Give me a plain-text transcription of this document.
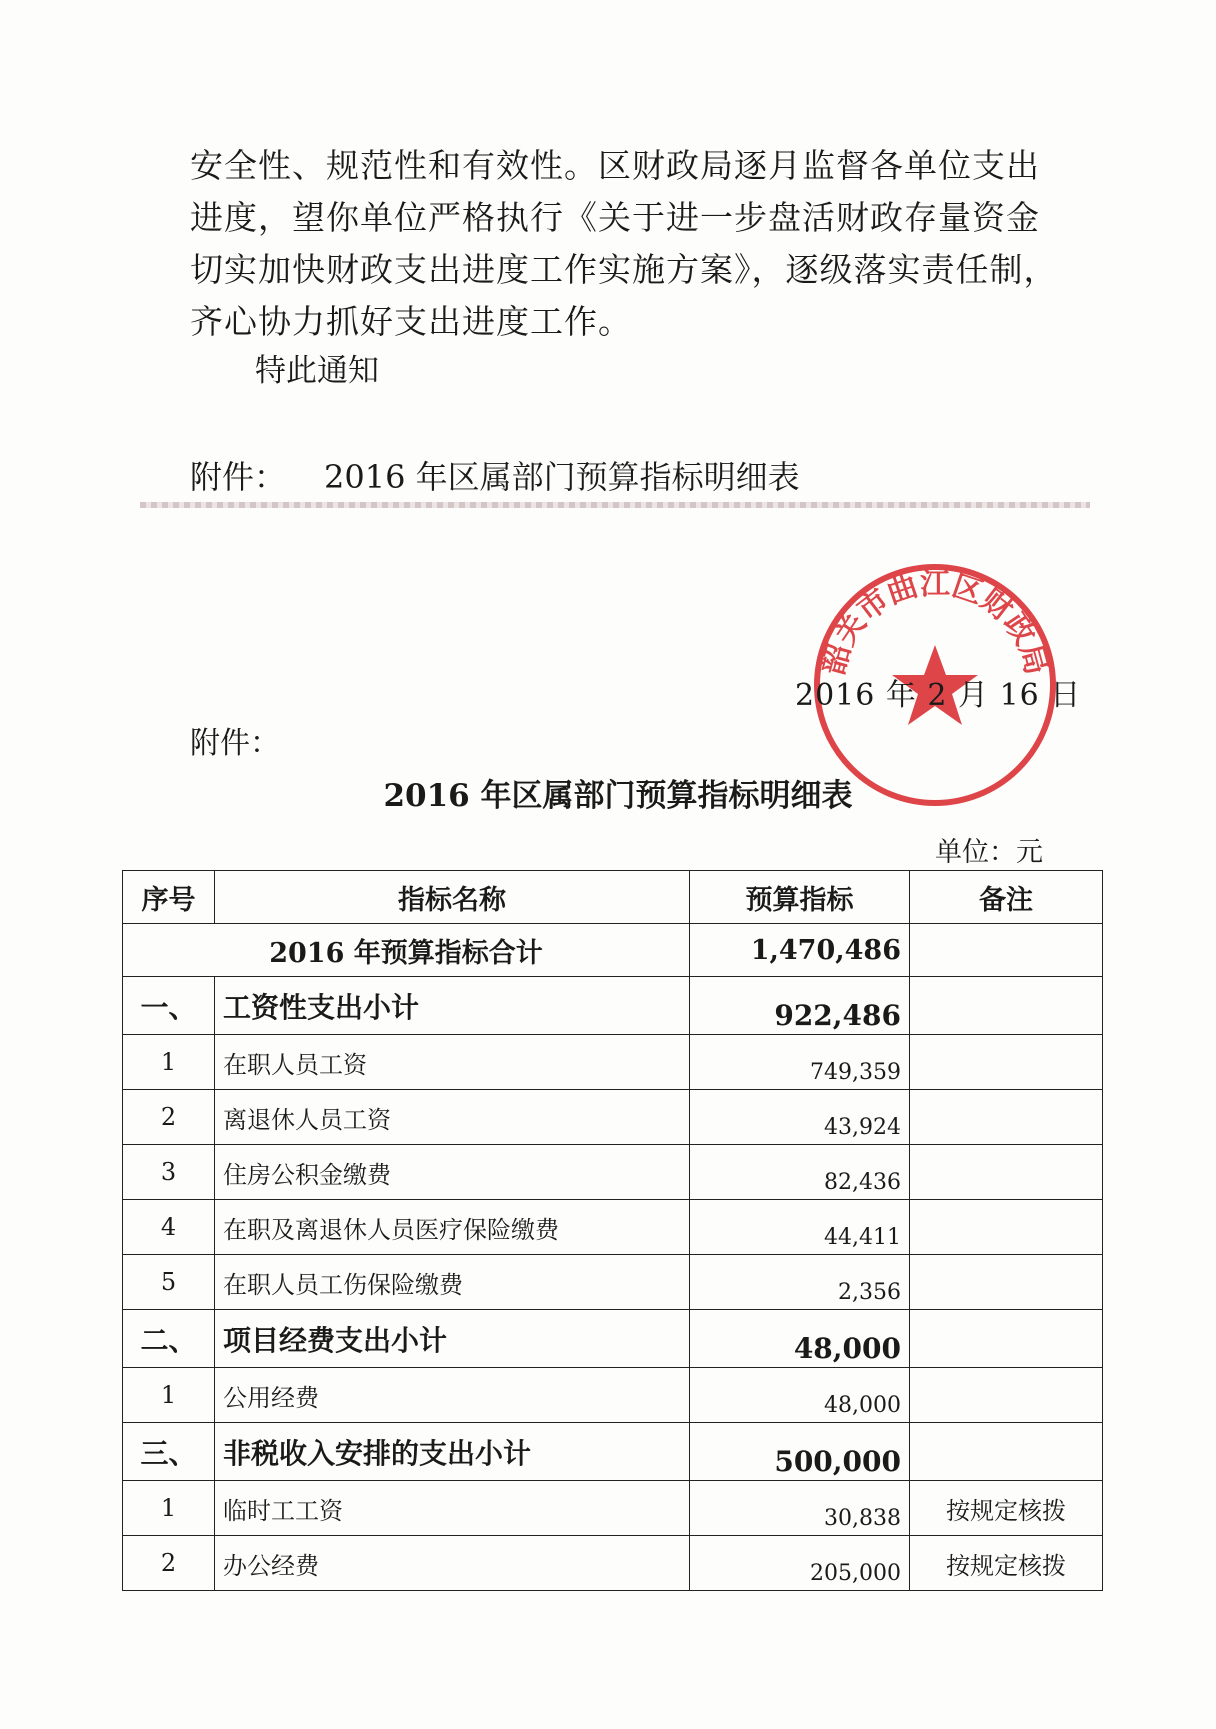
安全性、规范性和有效性。区财政局逐月监督各单位支出进度，望你单位严格执行《关于进一步盘活财政存量资金切实加快财政支出进度工作实施方案》，逐级落实责任制，齐心协力抓好支出进度工作。

特此通知
附件： 2016 年区属部门预算指标明细表
韶关市曲江区财政局
2016 年 2 月 16 日
附件：
2016 年区属部门预算指标明细表
单位：元
序号	指标名称	预算指标	备注
2016 年预算指标合计		1,470,486	
一、	工资性支出小计	922,486	
1	在职人员工资	749,359	
2	离退休人员工资	43,924	
3	住房公积金缴费	82,436	
4	在职及离退休人员医疗保险缴费	44,411	
5	在职人员工伤保险缴费	2,356	
二、	项目经费支出小计	48,000	
1	公用经费	48,000	
三、	非税收入安排的支出小计	500,000	
1	临时工工资	30,838	按规定核拨
2	办公经费	205,000	按规定核拨
